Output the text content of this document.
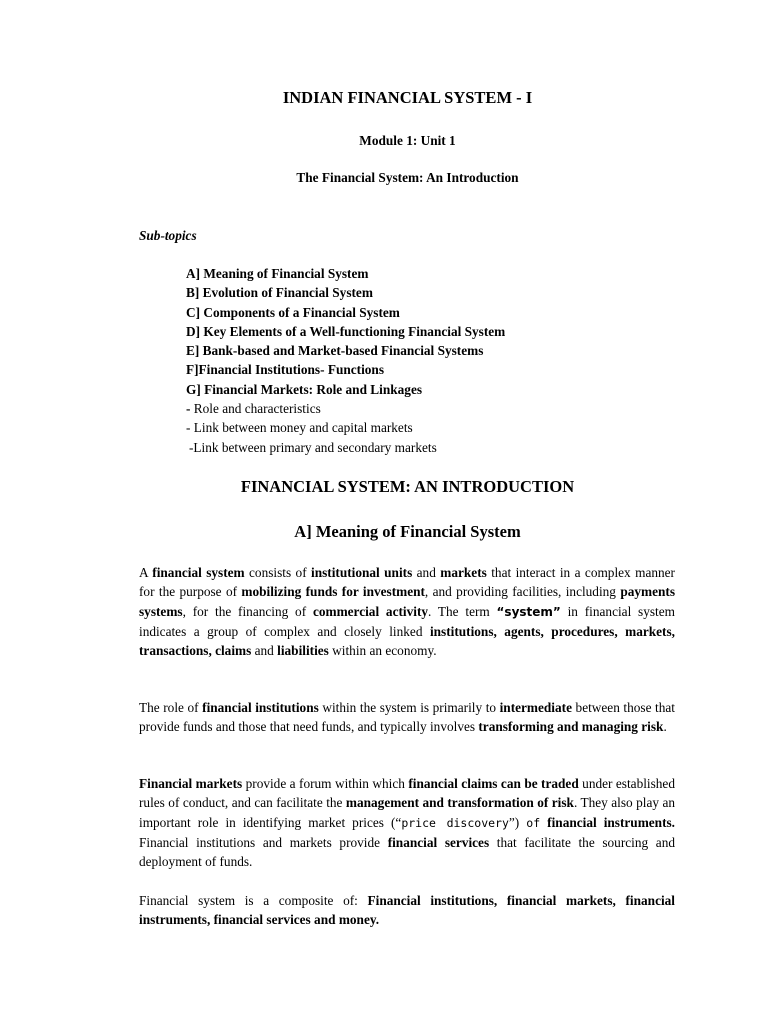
INDIAN FINANCIAL SYSTEM - I

Module 1: Unit 1

The Financial System: An Introduction

Sub-topics

A] Meaning of Financial System
B] Evolution of Financial System
C] Components of a Financial System
D] Key Elements of a Well-functioning Financial System
E] Bank-based and Market-based Financial Systems
F]Financial Institutions- Functions
G] Financial Markets: Role and Linkages
- Role and characteristics
- Link between money and capital markets
-Link between primary and secondary markets
FINANCIAL SYSTEM: AN INTRODUCTION
A] Meaning of Financial System

A financial system consists of institutional units and markets that interact in a complex manner for the purpose of mobilizing funds for investment, and providing facilities, including payments systems, for the financing of commercial activity. The term “system” in financial system indicates a group of complex and closely linked institutions, agents, procedures, markets, transactions, claims and liabilities within an economy.

The role of financial institutions within the system is primarily to intermediate between those that provide funds and those that need funds, and typically involves transforming and managing risk.

Financial markets provide a forum within which financial claims can be traded under established rules of conduct, and can facilitate the management and transformation of risk. They also play an important role in identifying market prices (“price discovery”) of financial instruments. Financial institutions and markets provide financial services that facilitate the sourcing and deployment of funds.

Financial system is a composite of: Financial institutions, financial markets, financial instruments, financial services and money.
